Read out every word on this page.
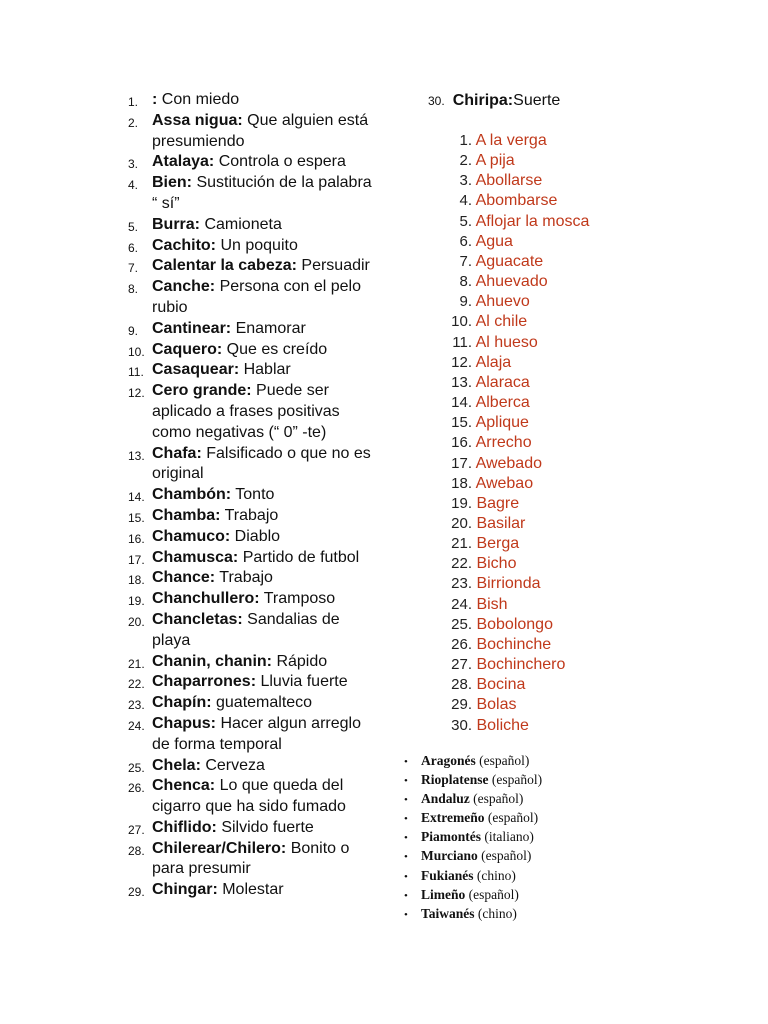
1. : Con miedo
2. Assa nigua: Que alguien está presumiendo
3. Atalaya: Controla o espera
4. Bien: Sustitución de la palabra “ sí”
5. Burra: Camioneta
6. Cachito: Un poquito
7. Calentar la cabeza: Persuadir
8. Canche: Persona con el pelo rubio
9. Cantinear: Enamorar
10. Caquero: Que es creído
11. Casaquear: Hablar
12. Cero grande: Puede ser aplicado a frases positivas como negativas (“ 0” -te)
13. Chafa: Falsificado o que no es original
14. Chambón: Tonto
15. Chamba: Trabajo
16. Chamuco: Diablo
17. Chamusca: Partido de futbol
18. Chance: Trabajo
19. Chanchullero: Tramposo
20. Chancletas: Sandalias de playa
21. Chanin, chanin: Rápido
22. Chaparrones: Lluvia fuerte
23. Chapín: guatemalteco
24. Chapus: Hacer algun arreglo de forma temporal
25. Chela: Cerveza
26. Chenca: Lo que queda del cigarro que ha sido fumado
27. Chiflido: Silvido fuerte
28. Chilerear/Chilero: Bonito o para presumir
29. Chingar: Molestar
30. Chiripa:Suerte
1. A la verga
2. A pija
3. Abollarse
4. Abombarse
5. Aflojar la mosca
6. Agua
7. Aguacate
8. Ahuevado
9. Ahuevo
10. Al chile
11. Al hueso
12. Alaja
13. Alaraca
14. Alberca
15. Aplique
16. Arrecho
17. Awebado
18. Awebao
19. Bagre
20. Basilar
21. Berga
22. Bicho
23. Birrionda
24. Bish
25. Bobolongo
26. Bochinche
27. Bochinchero
28. Bocina
29. Bolas
30. Boliche
• Aragonés (español)
• Rioplatense (español)
• Andaluz (español)
• Extremeño (español)
• Piamontés (italiano)
• Murciano (español)
• Fukianés (chino)
• Limeño (español)
• Taiwanés (chino)
